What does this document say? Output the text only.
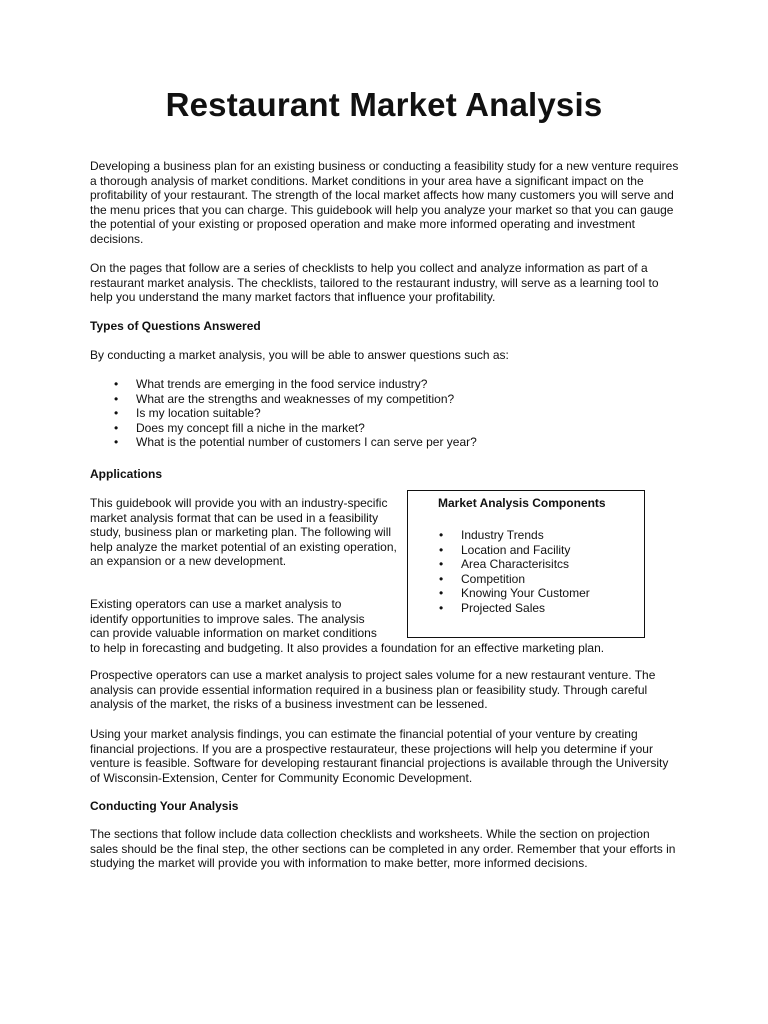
Restaurant Market Analysis

Developing a business plan for an existing business or conducting a feasibility study for a new venture requires a thorough analysis of market conditions. Market conditions in your area have a significant impact on the profitability of your restaurant. The strength of the local market affects how many customers you will serve and the menu prices that you can charge. This guidebook will help you analyze your market so that you can gauge the potential of your existing or proposed operation and make more informed operating and investment decisions.

On the pages that follow are a series of checklists to help you collect and analyze information as part of a restaurant market analysis. The checklists, tailored to the restaurant industry, will serve as a learning tool to help you understand the many market factors that influence your profitability.

Types of Questions Answered

By conducting a market analysis, you will be able to answer questions such as:

• What trends are emerging in the food service industry?
• What are the strengths and weaknesses of my competition?
• Is my location suitable?
• Does my concept fill a niche in the market?
• What is the potential number of customers I can serve per year?

Applications

This guidebook will provide you with an industry-specific market analysis format that can be used in a feasibility study, business plan or marketing plan. The following will help analyze the market potential of an existing operation, an expansion or a new development.

Existing operators can use a market analysis to
identify opportunities to improve sales. The analysis
can provide valuable information on market conditions
to help in forecasting and budgeting. It also provides a foundation for an effective marketing plan.

Market Analysis Components

• Industry Trends
• Location and Facility
• Area Characterisitcs
• Competition
• Knowing Your Customer
• Projected Sales

Prospective operators can use a market analysis to project sales volume for a new restaurant venture. The analysis can provide essential information required in a business plan or feasibility study. Through careful analysis of the market, the risks of a business investment can be lessened.

Using your market analysis findings, you can estimate the financial potential of your venture by creating financial projections. If you are a prospective restaurateur, these projections will help you determine if your venture is feasible. Software for developing restaurant financial projections is available through the University of Wisconsin-Extension, Center for Community Economic Development.

Conducting Your Analysis

The sections that follow include data collection checklists and worksheets. While the section on projection sales should be the final step, the other sections can be completed in any order. Remember that your efforts in studying the market will provide you with information to make better, more informed decisions.
